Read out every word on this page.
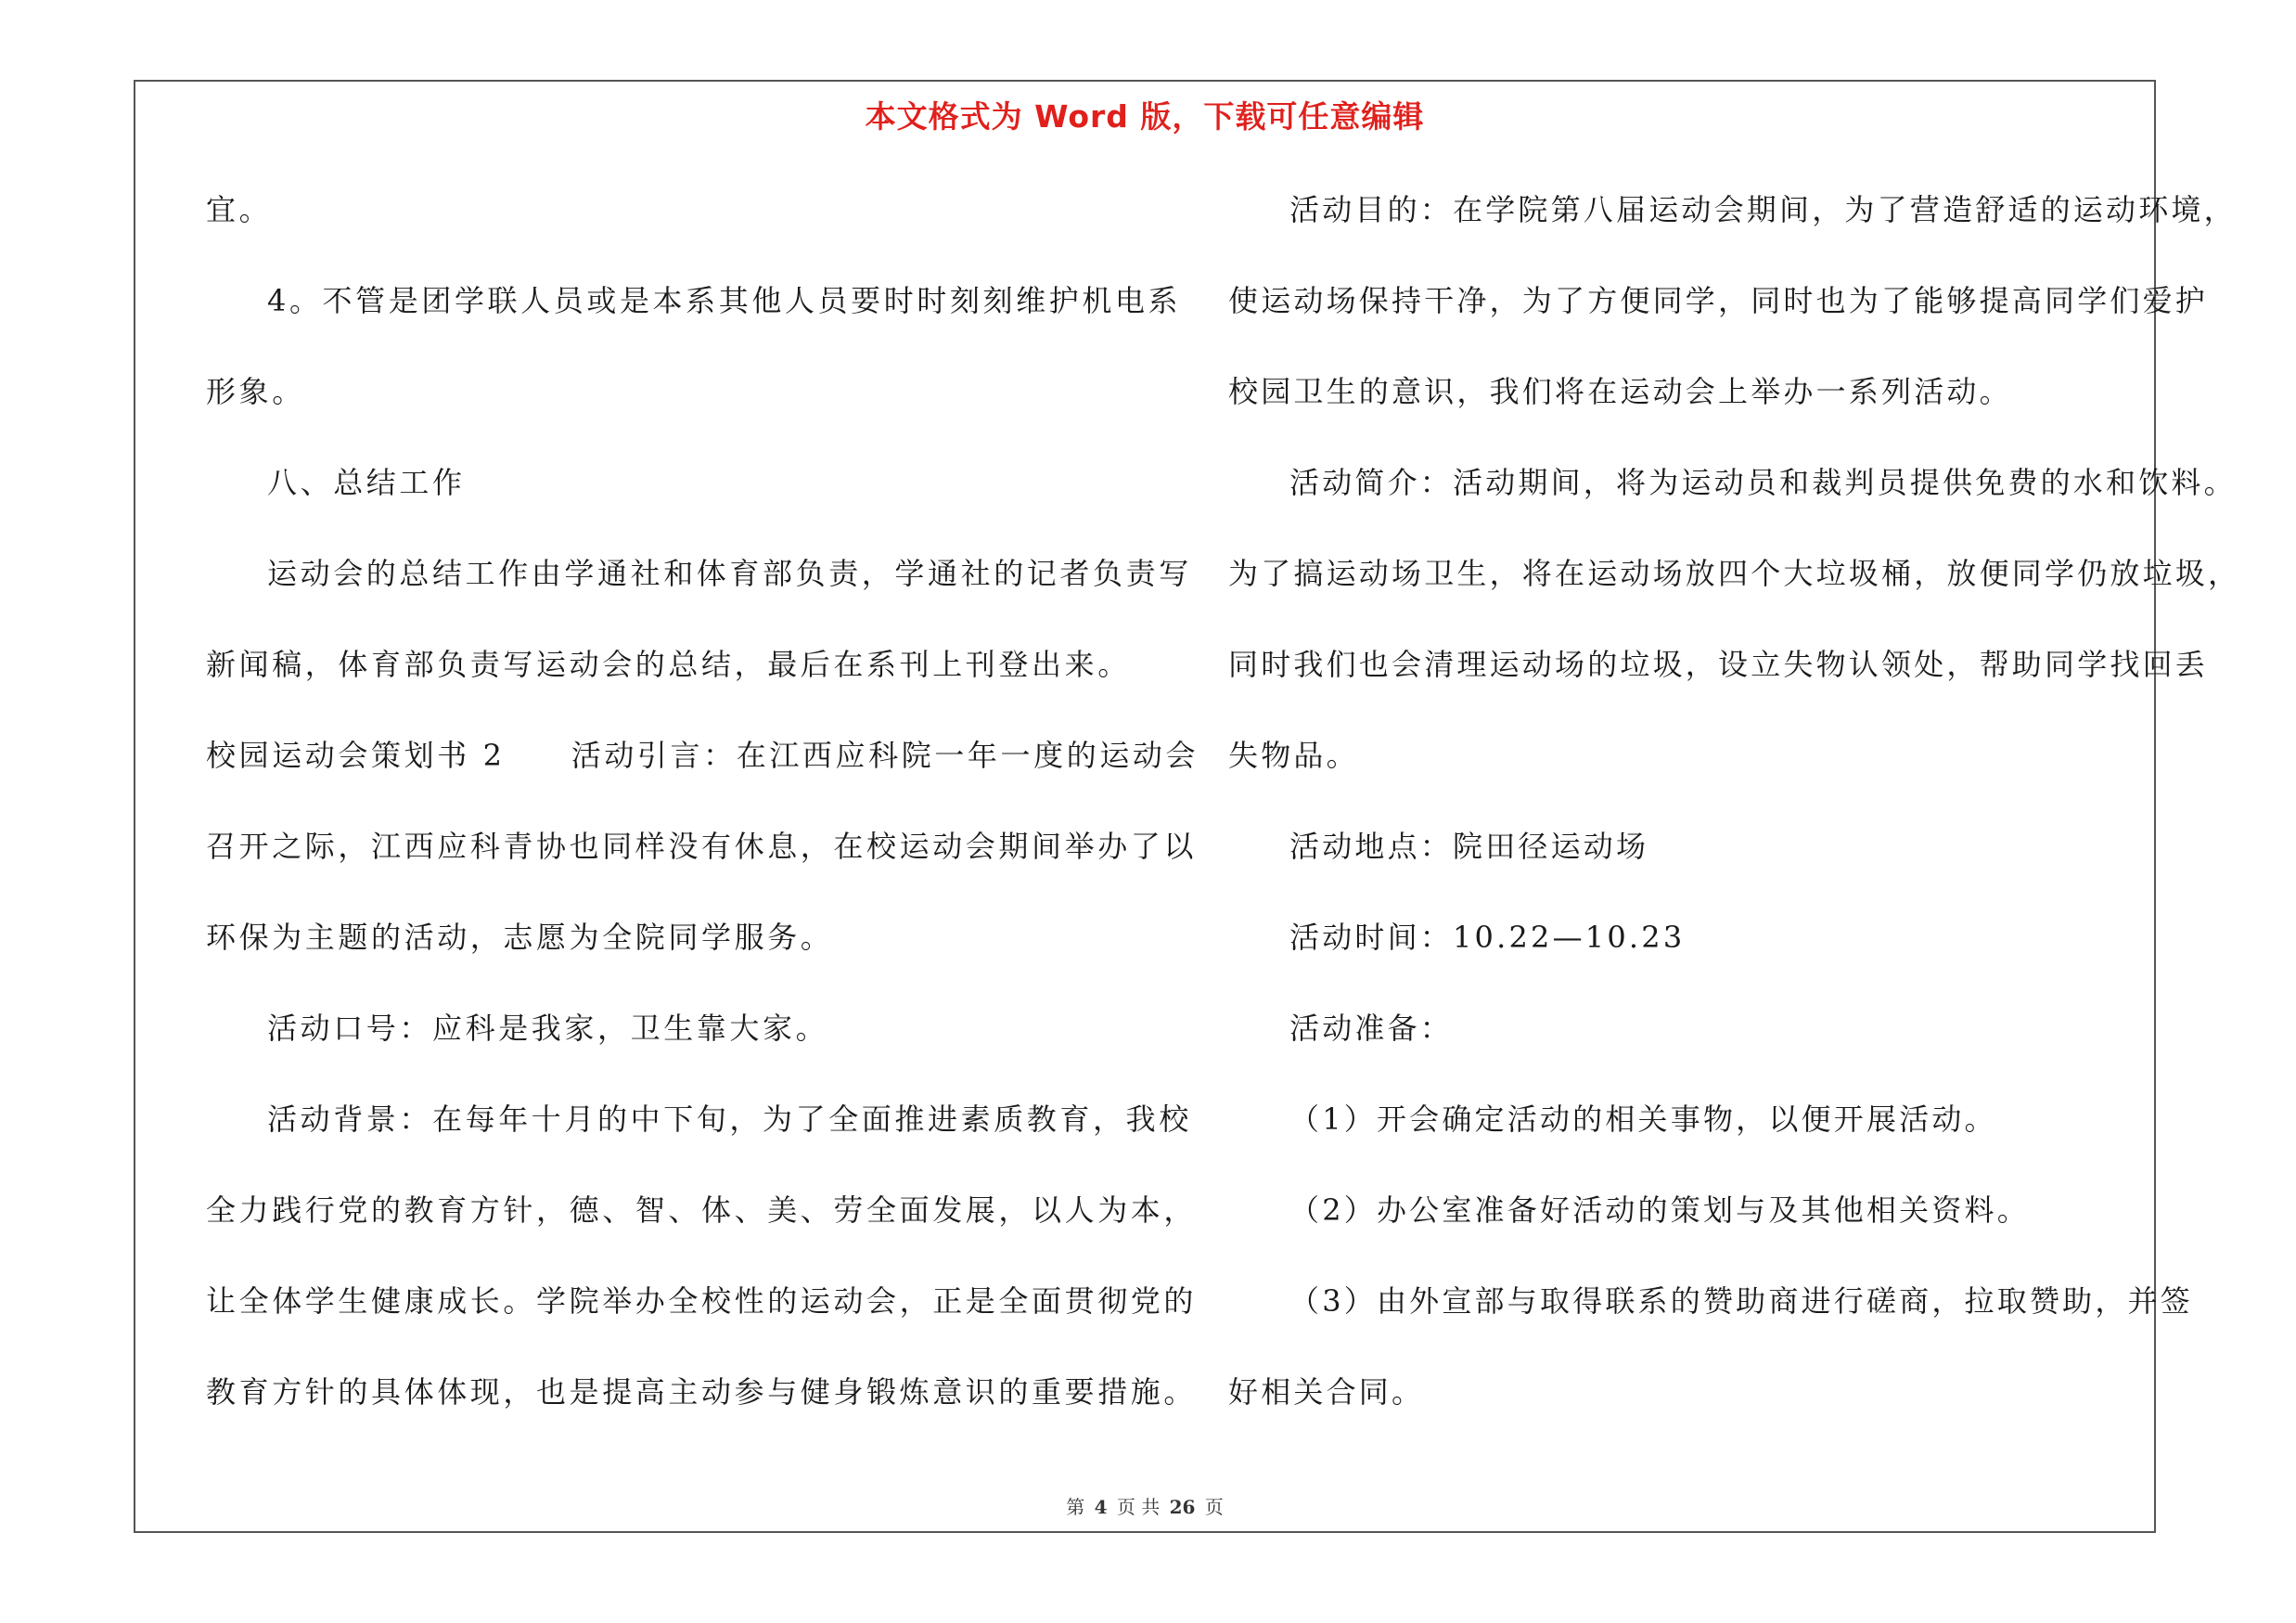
本文格式为 Word 版，下载可任意编辑
宜。
4。不管是团学联人员或是本系其他人员要时时刻刻维护机电系
形象。
八、总结工作
运动会的总结工作由学通社和体育部负责，学通社的记者负责写
新闻稿，体育部负责写运动会的总结，最后在系刊上刊登出来。
校园运动会策划书 2　　活动引言：在江西应科院一年一度的运动会
召开之际，江西应科青协也同样没有休息，在校运动会期间举办了以
环保为主题的活动，志愿为全院同学服务。
活动口号：应科是我家，卫生靠大家。
活动背景：在每年十月的中下旬，为了全面推进素质教育，我校
全力践行党的教育方针，德、智、体、美、劳全面发展，以人为本，
让全体学生健康成长。学院举办全校性的运动会，正是全面贯彻党的
教育方针的具体体现，也是提高主动参与健身锻炼意识的重要措施。
活动目的：在学院第八届运动会期间，为了营造舒适的运动环境，
使运动场保持干净，为了方便同学，同时也为了能够提高同学们爱护
校园卫生的意识，我们将在运动会上举办一系列活动。
活动简介：活动期间，将为运动员和裁判员提供免费的水和饮料。
为了搞运动场卫生，将在运动场放四个大垃圾桶，放便同学仍放垃圾，
同时我们也会清理运动场的垃圾，设立失物认领处，帮助同学找回丢
失物品。
活动地点：院田径运动场
活动时间：10.22—10.23
活动准备：
（1）开会确定活动的相关事物，以便开展活动。
（2）办公室准备好活动的策划与及其他相关资料。
（3）由外宣部与取得联系的赞助商进行磋商，拉取赞助，并签
好相关合同。
第 4 页 共 26 页
